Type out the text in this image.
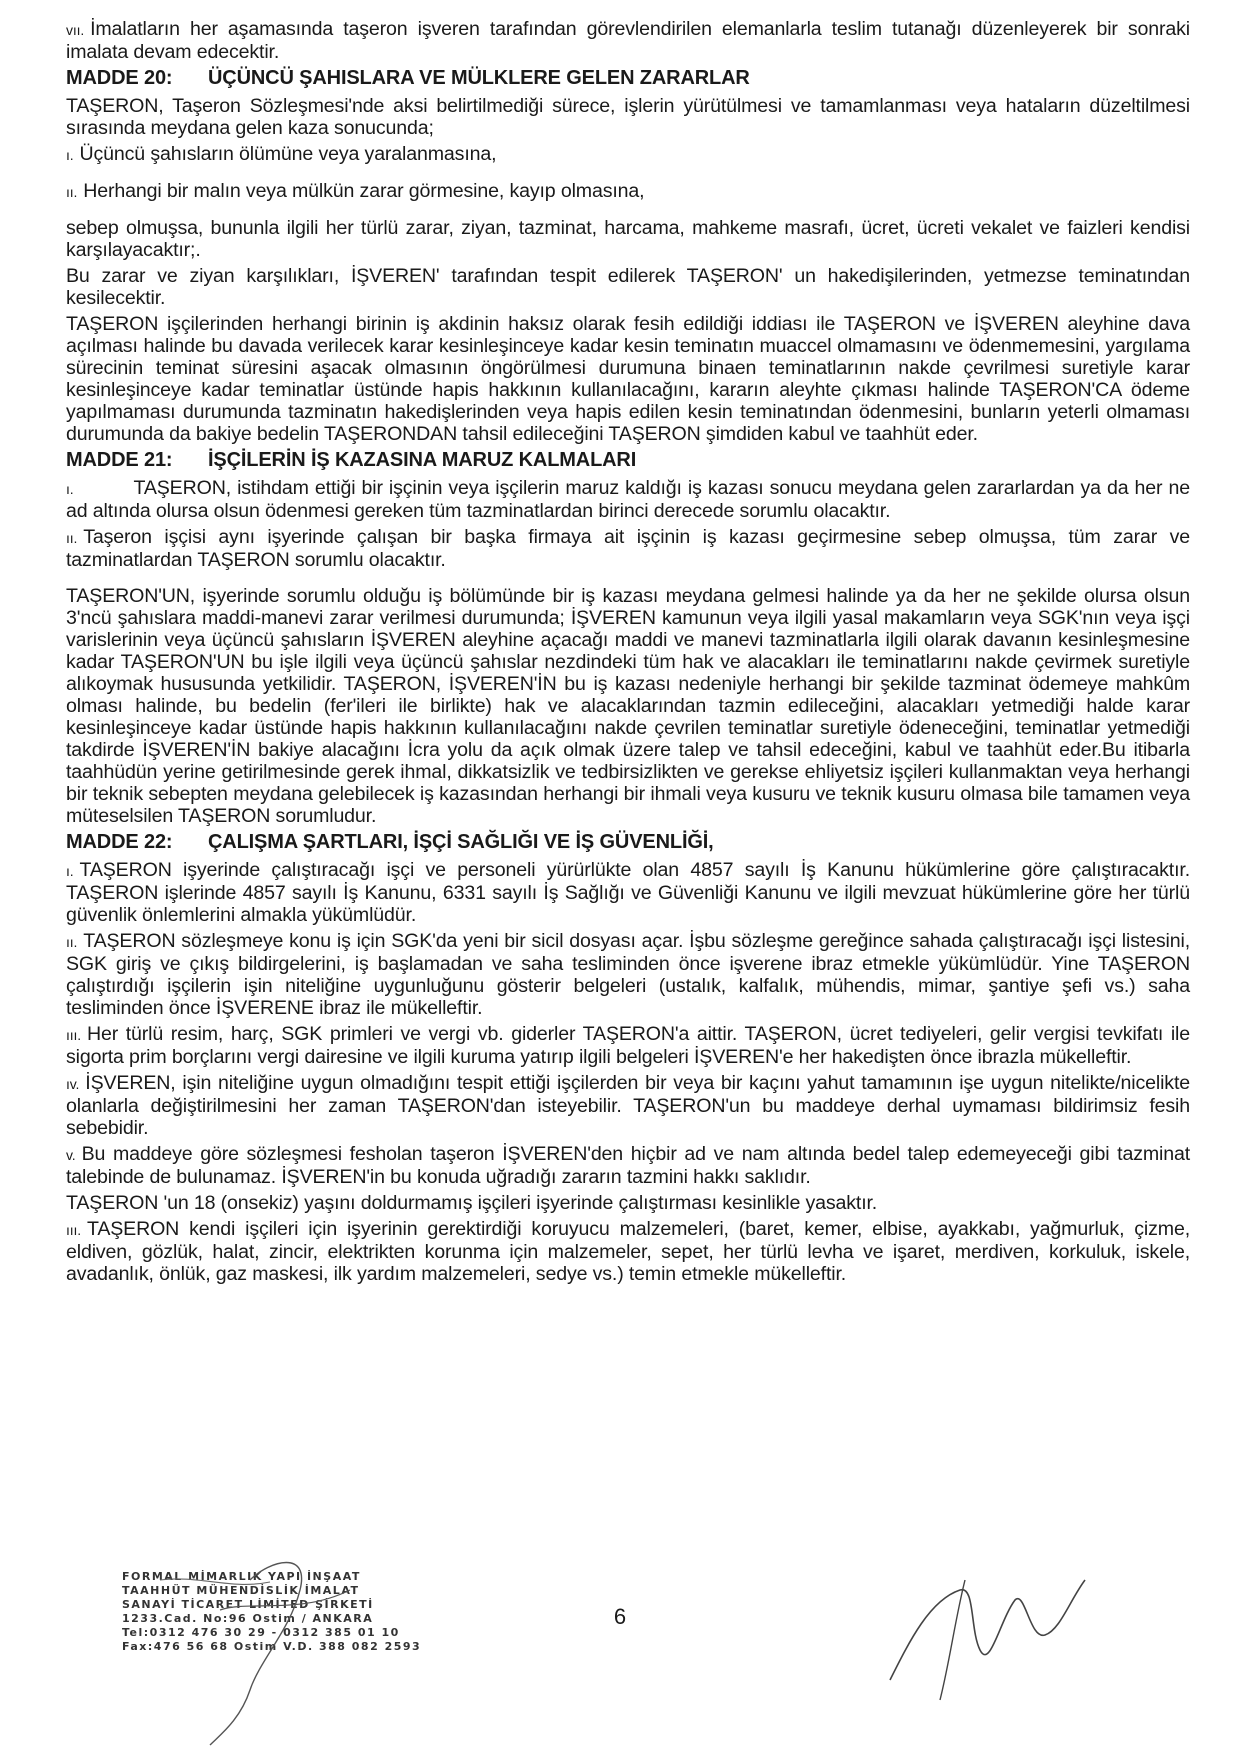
vıı. İmalatların her aşamasında taşeron işveren tarafından görevlendirilen elemanlarla teslim tutanağı düzenleyerek bir sonraki imalata devam edecektir.

MADDE 20:	ÜÇÜNCÜ ŞAHISLARA VE MÜLKLERE GELEN ZARARLAR

TAŞERON, Taşeron Sözleşmesi'nde aksi belirtilmediği sürece, işlerin yürütülmesi ve tamamlanması veya hataların düzeltilmesi sırasında meydana gelen kaza sonucunda;

ı. Üçüncü şahısların ölümüne veya yaralanmasına,

ıı. Herhangi bir malın veya mülkün zarar görmesine, kayıp olmasına,

sebep olmuşsa, bununla ilgili her türlü zarar, ziyan, tazminat, harcama, mahkeme masrafı, ücret, ücreti vekalet ve faizleri kendisi karşılayacaktır;.

Bu zarar ve ziyan karşılıkları, İŞVEREN' tarafından tespit edilerek TAŞERON' un hakedişilerinden, yetmezse teminatından kesilecektir.

TAŞERON işçilerinden herhangi birinin iş akdinin haksız olarak fesih edildiği iddiası ile TAŞERON ve İŞVEREN aleyhine dava açılması halinde bu davada verilecek karar kesinleşinceye kadar kesin teminatın muaccel olmamasını ve ödenmemesini, yargılama sürecinin teminat süresini aşacak olmasının öngörülmesi durumuna binaen teminatlarının nakde çevrilmesi suretiyle karar kesinleşinceye kadar teminatlar üstünde hapis hakkının kullanılacağını, kararın aleyhte çıkması halinde TAŞERON'CA ödeme yapılmaması durumunda tazminatın hakedişlerinden veya hapis edilen kesin teminatından ödenmesini, bunların yeterli olmaması durumunda da bakiye bedelin TAŞERONDAN tahsil edileceğini TAŞERON şimdiden kabul ve taahhüt eder.

MADDE 21:	İŞÇİLERİN İŞ KAZASINA MARUZ KALMALARI

ı.	TAŞERON, istihdam ettiği bir işçinin veya işçilerin maruz kaldığı iş kazası sonucu meydana gelen zararlardan ya da her ne ad altında olursa olsun ödenmesi gereken tüm tazminatlardan birinci derecede sorumlu olacaktır.

ıı. Taşeron işçisi aynı işyerinde çalışan bir başka firmaya ait işçinin iş kazası geçirmesine sebep olmuşsa, tüm zarar ve tazminatlardan TAŞERON sorumlu olacaktır.

TAŞERON'UN, işyerinde sorumlu olduğu iş bölümünde bir iş kazası meydana gelmesi halinde ya da her ne şekilde olursa olsun 3'ncü şahıslara maddi-manevi zarar verilmesi durumunda; İŞVEREN kamunun veya ilgili yasal makamların veya SGK'nın veya işçi varislerinin veya üçüncü şahısların İŞVEREN aleyhine açacağı maddi ve manevi tazminatlarla ilgili olarak davanın kesinleşmesine kadar TAŞERON'UN bu işle ilgili veya üçüncü şahıslar nezdindeki tüm hak ve alacakları ile teminatlarını nakde çevirmek suretiyle alıkoymak hususunda yetkilidir. TAŞERON, İŞVEREN'İN bu iş kazası nedeniyle herhangi bir şekilde tazminat ödemeye mahkûm olması halinde, bu bedelin (fer'ileri ile birlikte) hak ve alacaklarından tazmin edileceğini, alacakları yetmediği halde karar kesinleşinceye kadar üstünde hapis hakkının kullanılacağını nakde çevrilen teminatlar suretiyle ödeneceğini, teminatlar yetmediği takdirde İŞVEREN'İN bakiye alacağını İcra yolu da açık olmak üzere talep ve tahsil edeceğini, kabul ve taahhüt eder.Bu itibarla taahhüdün yerine getirilmesinde gerek ihmal, dikkatsizlik ve tedbirsizlikten ve gerekse ehliyetsiz işçileri kullanmaktan veya herhangi bir teknik sebepten meydana gelebilecek iş kazasından herhangi bir ihmali veya kusuru ve teknik kusuru olmasa bile tamamen veya müteselsilen TAŞERON sorumludur.

MADDE 22:	ÇALIŞMA ŞARTLARI, İŞÇİ SAĞLIĞI VE İŞ GÜVENLİĞİ,

ı. TAŞERON işyerinde çalıştıracağı işçi ve personeli yürürlükte olan 4857 sayılı İş Kanunu hükümlerine göre çalıştıracaktır. TAŞERON işlerinde 4857 sayılı İş Kanunu, 6331 sayılı İş Sağlığı ve Güvenliği Kanunu ve ilgili mevzuat hükümlerine göre her türlü güvenlik önlemlerini almakla yükümlüdür.

ıı. TAŞERON sözleşmeye konu iş için SGK'da yeni bir sicil dosyası açar. İşbu sözleşme gereğince sahada çalıştıracağı işçi listesini, SGK giriş ve çıkış bildirgelerini, iş başlamadan ve saha tesliminden önce işverene ibraz etmekle yükümlüdür. Yine TAŞERON çalıştırdığı işçilerin işin niteliğine uygunluğunu gösterir belgeleri (ustalık, kalfalık, mühendis, mimar, şantiye şefi vs.) saha tesliminden önce İŞVERENE ibraz ile mükelleftir.

ııı. Her türlü resim, harç, SGK primleri ve vergi vb. giderler TAŞERON'a aittir. TAŞERON, ücret tediyeleri, gelir vergisi tevkifatı ile sigorta prim borçlarını vergi dairesine ve ilgili kuruma yatırıp ilgili belgeleri İŞVEREN'e her hakedişten önce ibrazla mükelleftir.

ıv. İŞVEREN, işin niteliğine uygun olmadığını tespit ettiği işçilerden bir veya bir kaçını yahut tamamının işe uygun nitelikte/nicelikte olanlarla değiştirilmesini her zaman TAŞERON'dan isteyebilir. TAŞERON'un bu maddeye derhal uymaması bildirimsiz fesih sebebidir.

v. Bu maddeye göre sözleşmesi fesholan taşeron İŞVEREN'den hiçbir ad ve nam altında bedel talep edemeyeceği gibi tazminat talebinde de bulunamaz. İŞVEREN'in bu konuda uğradığı zararın tazmini hakkı saklıdır.

TAŞERON 'un 18 (onsekiz) yaşını doldurmamış işçileri işyerinde çalıştırması kesinlikle yasaktır.

ııı. TAŞERON kendi işçileri için işyerinin gerektirdiği koruyucu malzemeleri, (baret, kemer, elbise, ayakkabı, yağmurluk, çizme, eldiven, gözlük, halat, zincir, elektrikten korunma için malzemeler, sepet, her türlü levha ve işaret, merdiven, korkuluk, iskele, avadanlık, önlük, gaz maskesi, ilk yardım malzemeleri, sedye vs.) temin etmekle mükelleftir.

6
FORMAL MİMARLIK YAPI İNŞAAT
TAAHHÜT MÜHENDİSLİK İMALAT
SANAYİ TİCARET LİMİTED ŞİRKETİ
1233.Cad. No:96 Ostim / ANKARA
Tel:0312 476 30 29 - 0312 385 01 10
Fax:476 56 68 Ostim V.D. 388 082 2593
